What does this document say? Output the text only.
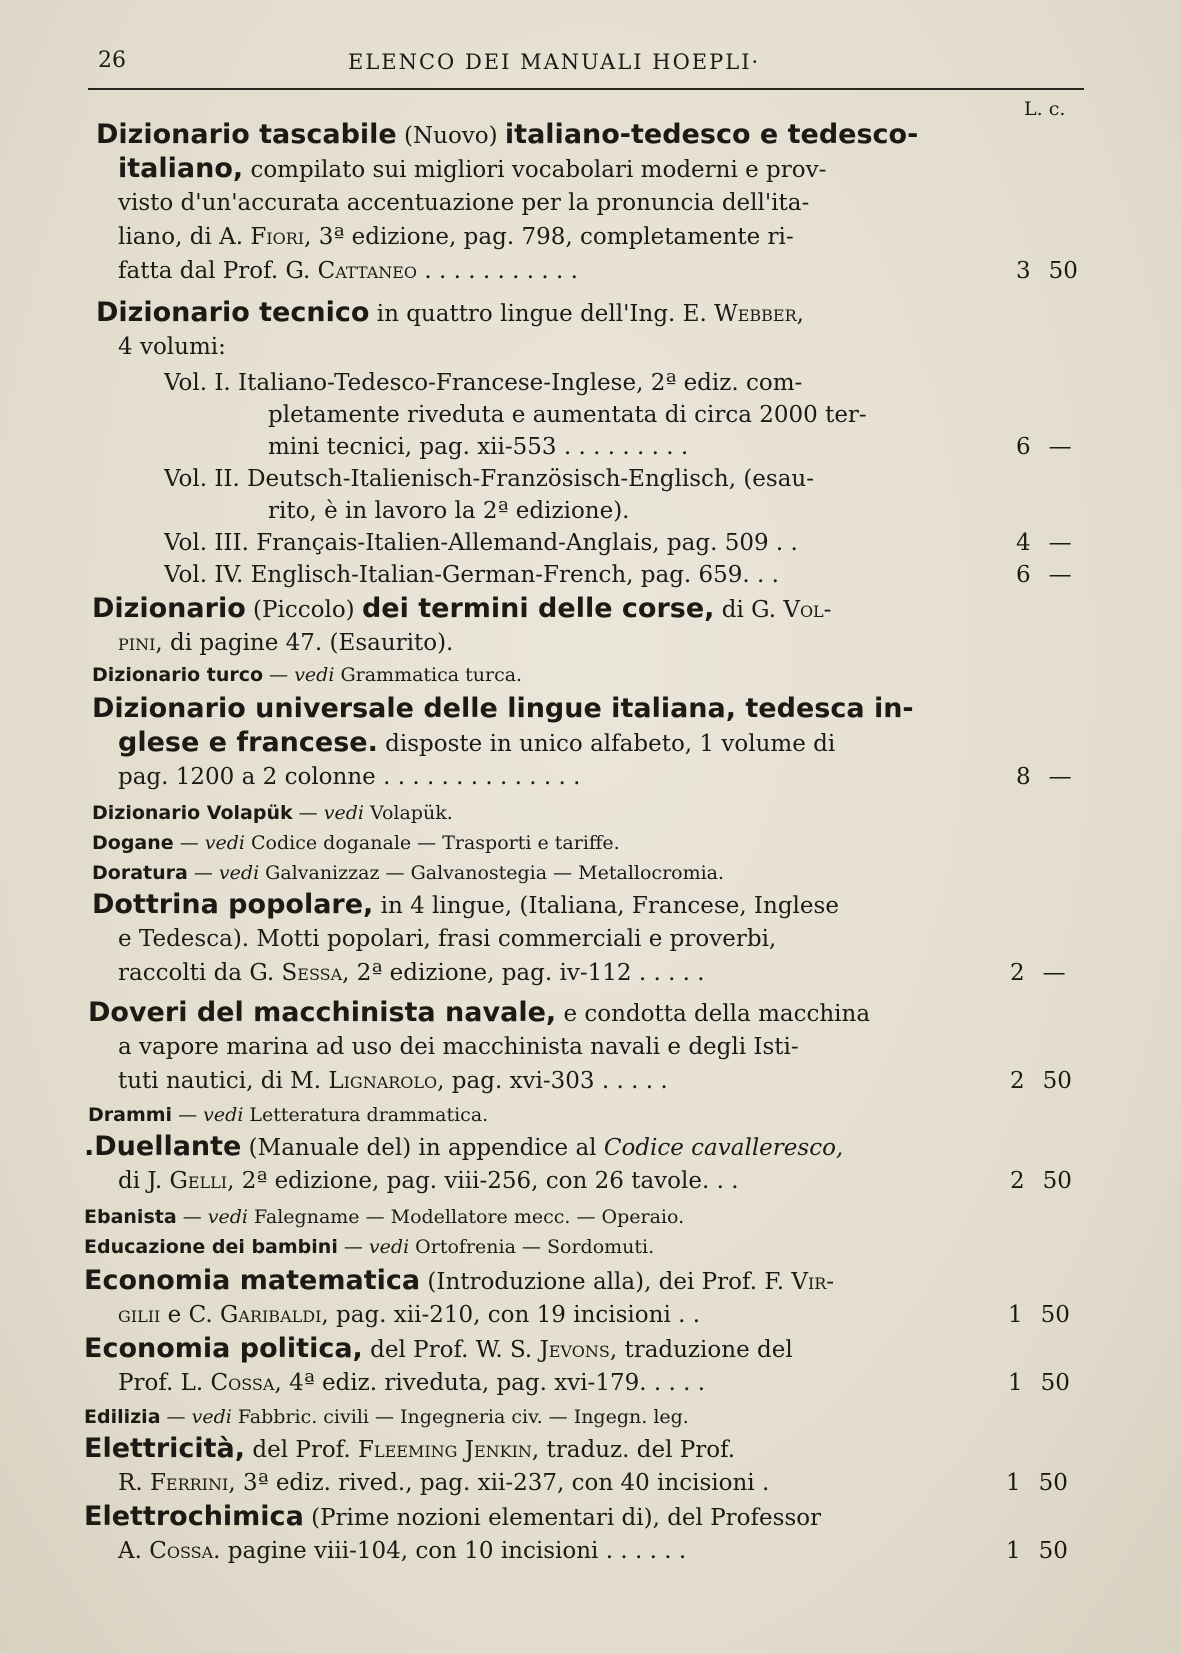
26	ELENCO DEI MANUALI HOEPLI·
L. c.
Dizionario tascabile (Nuovo) italiano-tedesco e tedesco-
italiano, compilato sui migliori vocabolari moderni e prov-
visto d'un'accurata accentuazione per la pronuncia dell'ita-
liano, di A. Fiori, 3ª edizione, pag. 798, completamente ri-
fatta dal Prof. G. Cattaneo . . . . . . . . . . .	3 50
Dizionario tecnico in quattro lingue dell'Ing. E. Webber,
4 volumi:
Vol. I. Italiano-Tedesco-Francese-Inglese, 2ª ediz. com-
pletamente riveduta e aumentata di circa 2000 ter-
mini tecnici, pag. xii-553 . . . . . . . . .	6 —
Vol. II. Deutsch-Italienisch-Französisch-Englisch, (esau-
rito, è in lavoro la 2ª edizione).
Vol. III. Français-Italien-Allemand-Anglais, pag. 509 . .	4 —
Vol. IV. Englisch-Italian-German-French, pag. 659. . .	6 —
Dizionario (Piccolo) dei termini delle corse, di G. Vol-
pini, di pagine 47. (Esaurito).
Dizionario turco — vedi Grammatica turca.
Dizionario universale delle lingue italiana, tedesca in-
glese e francese. disposte in unico alfabeto, 1 volume di
pag. 1200 a 2 colonne . . . . . . . . . . . . . .	8 —
Dizionario Volapük — vedi Volapük.
Dogane — vedi Codice doganale — Trasporti e tariffe.
Doratura — vedi Galvanizzaz — Galvanostegia — Metallocromia.
Dottrina popolare, in 4 lingue, (Italiana, Francese, Inglese
e Tedesca). Motti popolari, frasi commerciali e proverbi,
raccolti da G. Sessa, 2ª edizione, pag. iv-112 . . . . .	2 —
Doveri del macchinista navale, e condotta della macchina
a vapore marina ad uso dei macchinista navali e degli Isti-
tuti nautici, di M. Lignarolo, pag. xvi-303 . . . . .	2 50
Drammi — vedi Letteratura drammatica.
.Duellante (Manuale del) in appendice al Codice cavalleresco,
di J. Gelli, 2ª edizione, pag. viii-256, con 26 tavole. . .	2 50
Ebanista — vedi Falegname — Modellatore mecc. — Operaio.
Educazione dei bambini — vedi Ortofrenia — Sordomuti.
Economia matematica (Introduzione alla), dei Prof. F. Vir-
gilii e C. Garibaldi, pag. xii-210, con 19 incisioni . .	1 50
Economia politica, del Prof. W. S. Jevons, traduzione del
Prof. L. Cossa, 4ª ediz. riveduta, pag. xvi-179. . . . .	1 50
Edilizia — vedi Fabbric. civili — Ingegneria civ. — Ingegn. leg.
Elettricità, del Prof. Fleeming Jenkin, traduz. del Prof.
R. Ferrini, 3ª ediz. rived., pag. xii-237, con 40 incisioni .	1 50
Elettrochimica (Prime nozioni elementari di), del Professor
A. Cossa. pagine viii-104, con 10 incisioni . . . . . .	1 50
